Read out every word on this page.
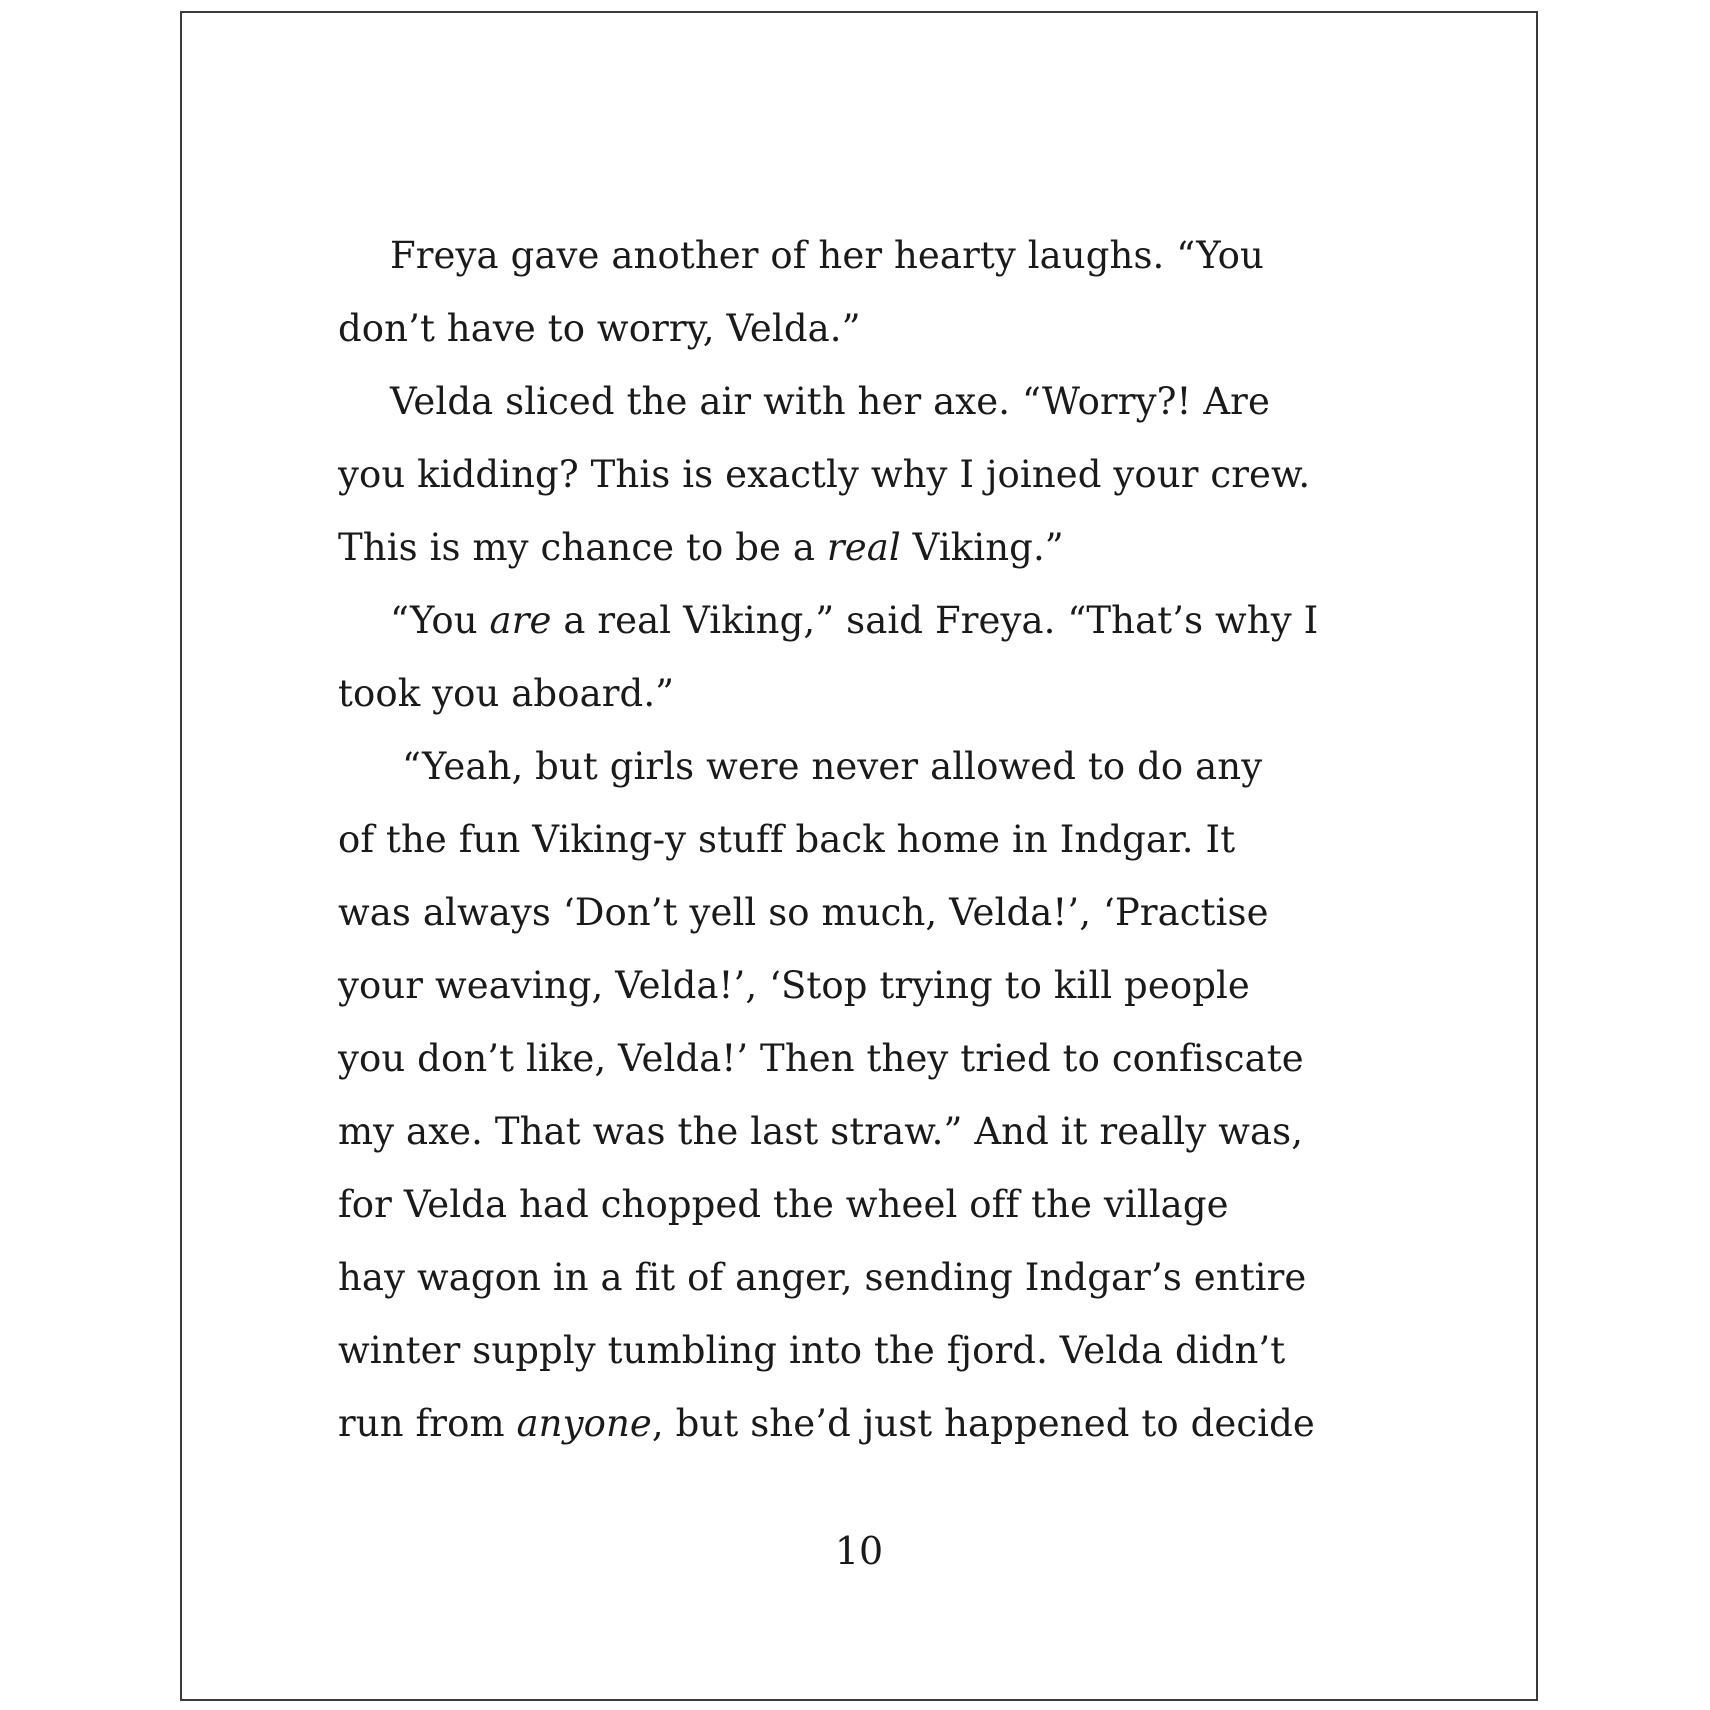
Freya gave another of her hearty laughs. “You
don’t have to worry, Velda.”
Velda sliced the air with her axe. “Worry?! Are
you kidding? This is exactly why I joined your crew.
This is my chance to be a real Viking.”
“You are a real Viking,” said Freya. “That’s why I
took you aboard.”
“Yeah, but girls were never allowed to do any
of the fun Viking-y stuff back home in Indgar. It
was always ‘Don’t yell so much, Velda!’, ‘Practise
your weaving, Velda!’, ‘Stop trying to kill people
you don’t like, Velda!’ Then they tried to confiscate
my axe. That was the last straw.” And it really was,
for Velda had chopped the wheel off the village
hay wagon in a fit of anger, sending Indgar’s entire
winter supply tumbling into the fjord. Velda didn’t
run from anyone, but she’d just happened to decide
10
